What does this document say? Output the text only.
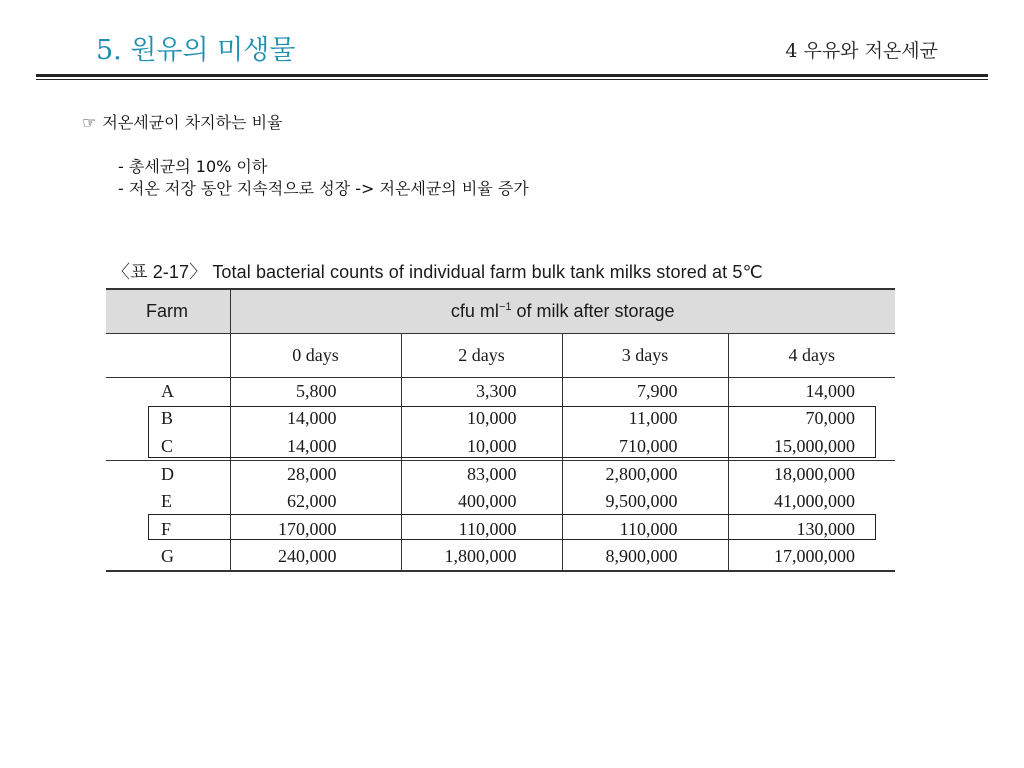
5. 원유의 미생물	4 우유와 저온세균
☞ 저온세균이 차지하는 비율
- 총세균의 10% 이하
- 저온 저장 동안 지속적으로 성장 -> 저온세균의 비율 증가
〈표 2-17〉 Total bacterial counts of individual farm bulk tank milks stored at 5℃
Farm	cfu $ml^{-1}$ of milk after storage			
	0 days	2 days	3 days	4 days
A	5,800	3,300	7,900	14,000
B	14,000	10,000	11,000	70,000
C	14,000	10,000	710,000	15,000,000
D	28,000	83,000	2,800,000	18,000,000
E	62,000	400,000	9,500,000	41,000,000
F	170,000	110,000	110,000	130,000
G	240,000	1,800,000	8,900,000	17,000,000
